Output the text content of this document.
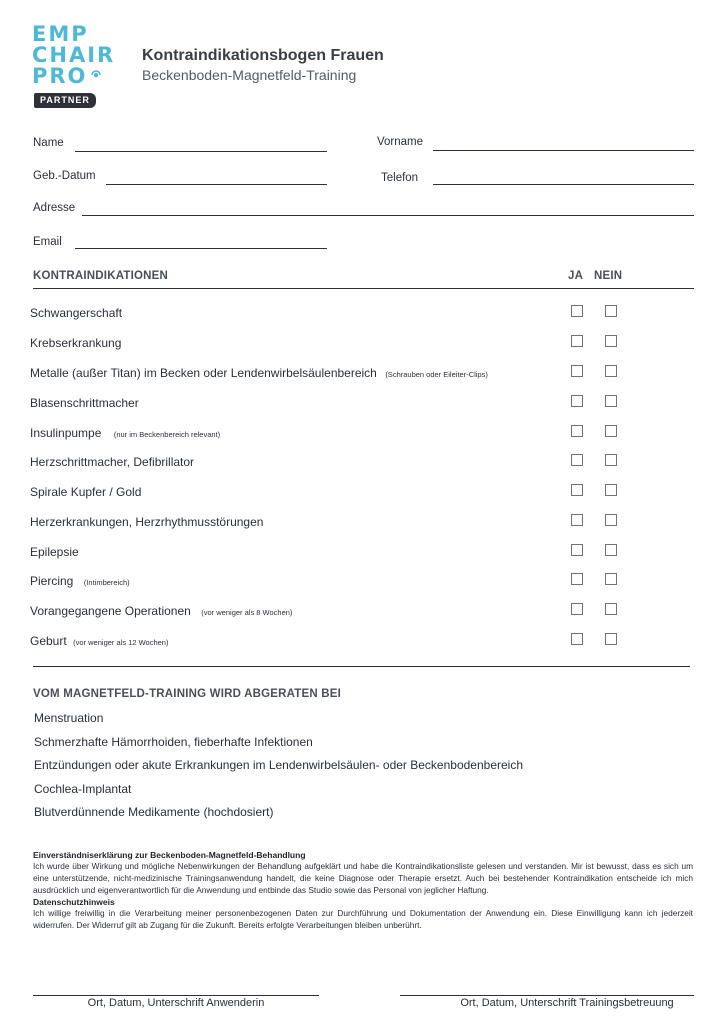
EMP
CHAIR
PRO
PARTNER
Kontraindikationsbogen Frauen
Beckenboden-Magnetfeld-Training
Name	Vorname
Geb.-Datum	Telefon
Adresse
Email
KONTRAINDIKATIONEN	JA NEIN
Schwangerschaft
Krebserkrankung
Metalle (außer Titan) im Becken oder Lendenwirbelsäulenbereich (Schrauben oder Eileiter-Clips)
Blasenschrittmacher
Insulinpumpe (nur im Beckenbereich relevant)
Herzschrittmacher, Defibrillator
Spirale Kupfer / Gold
Herzerkrankungen, Herzrhythmusstörungen
Epilepsie
Piercing (Intimbereich)
Vorangegangene Operationen (vor weniger als 8 Wochen)
Geburt (vor weniger als 12 Wochen)
VOM MAGNETFELD-TRAINING WIRD ABGERATEN BEI
Menstruation
Schmerzhafte Hämorrhoiden, fieberhafte Infektionen
Entzündungen oder akute Erkrankungen im Lendenwirbelsäulen- oder Beckenbodenbereich
Cochlea-Implantat
Blutverdünnende Medikamente (hochdosiert)
Einverständniserklärung zur Beckenboden-Magnetfeld-Behandlung
Ich wurde über Wirkung und mögliche Nebenwirkungen der Behandlung aufgeklärt und habe die Kontraindikationsliste gelesen und verstanden. Mir ist bewusst, dass es sich um eine unterstützende, nicht-medizinische Trainingsanwendung handelt, die keine Diagnose oder Therapie ersetzt. Auch bei bestehender Kontraindikation entscheide ich mich ausdrücklich und eigenverantwortlich für die Anwendung und entbinde das Studio sowie das Personal von jeglicher Haftung.
Datenschutzhinweis
Ich willige freiwillig in die Verarbeitung meiner personenbezogenen Daten zur Durchführung und Dokumentation der Anwendung ein. Diese Einwilligung kann ich jederzeit widerrufen. Der Widerruf gilt ab Zugang für die Zukunft. Bereits erfolgte Verarbeitungen bleiben unberührt.
Ort, Datum, Unterschrift Anwenderin	Ort, Datum, Unterschrift Trainingsbetreuung
